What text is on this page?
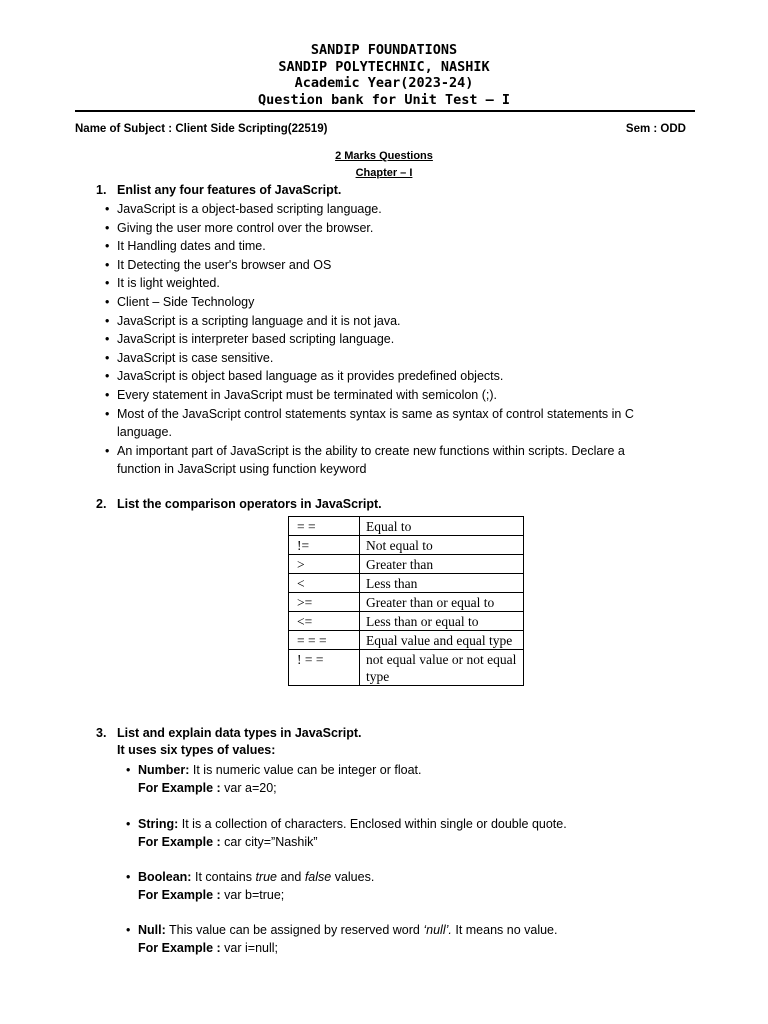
SANDIP FOUNDATIONS
SANDIP POLYTECHNIC, NASHIK
Academic Year(2023-24)
Question bank for Unit Test – I
Name of Subject : Client Side Scripting(22519)	Sem : ODD
2 Marks Questions
Chapter – I
1. Enlist any four features of JavaScript.
• JavaScript is a object-based scripting language.
• Giving the user more control over the browser.
• It Handling dates and time.
• It Detecting the user's browser and OS
• It is light weighted.
• Client – Side Technology
• JavaScript is a scripting language and it is not java.
• JavaScript is interpreter based scripting language.
• JavaScript is case sensitive.
• JavaScript is object based language as it provides predefined objects.
• Every statement in JavaScript must be terminated with semicolon (;).
• Most of the JavaScript control statements syntax is same as syntax of control statements in C language.
• An important part of JavaScript is the ability to create new functions within scripts. Declare a function in JavaScript using function keyword
2. List the comparison operators in JavaScript.
= =	Equal to
!=	Not equal to
>	Greater than
<	Less than
>=	Greater than or equal to
<=	Less than or equal to
= = =	Equal value and equal type
! = =	not equal value or not equal type
3. List and explain data types in JavaScript.
It uses six types of values:
• Number: It is numeric value can be integer or float.
For Example : var a=20;
• String: It is a collection of characters. Enclosed within single or double quote.
For Example : car city=”Nashik”
• Boolean: It contains true and false values.
For Example : var b=true;
• Null: This value can be assigned by reserved word ‘null’. It means no value.
For Example : var i=null;
